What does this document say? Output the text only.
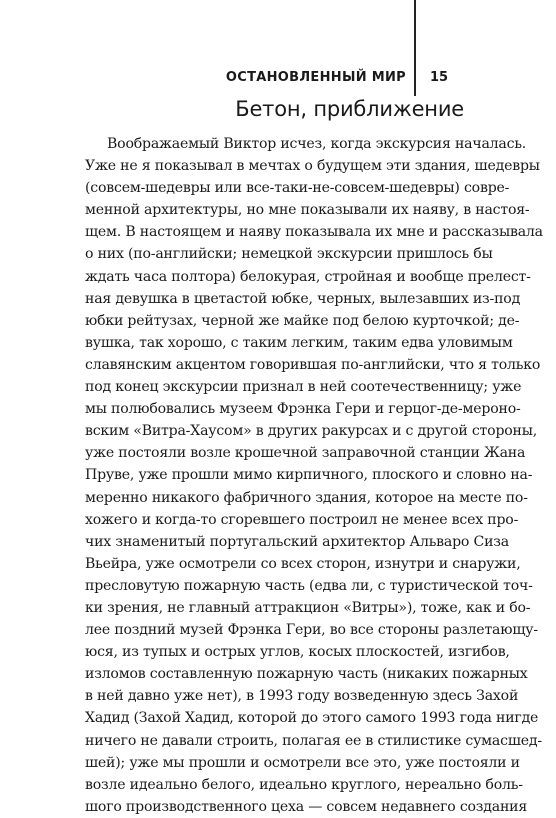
ОСТАНОВЛЕННЫЙ МИР 15
Бетон, приближение
Воображаемый Виктор исчез, когда экскурсия началась.
Уже не я показывал в мечтах о будущем эти здания, шедевры
(совсем-шедевры или все-таки-не-совсем-шедевры) совре-
менной архитектуры, но мне показывали их наяву, в настоя-
щем. В настоящем и наяву показывала их мне и рассказывала
о них (по-английски; немецкой экскурсии пришлось бы
ждать часа полтора) белокурая, стройная и вообще прелест-
ная девушка в цветастой юбке, черных, вылезавших из-под
юбки рейтузах, черной же майке под белою курточкой; де-
вушка, так хорошо, с таким легким, таким едва уловимым
славянским акцентом говорившая по-английски, что я только
под конец экскурсии признал в ней соотечественницу; уже
мы полюбовались музеем Фрэнка Гери и герцог-де-мероно-
вским «Витра-Хаусом» в других ракурсах и с другой стороны,
уже постояли возле крошечной заправочной станции Жана
Пруве, уже прошли мимо кирпичного, плоского и словно на-
меренно никакого фабричного здания, которое на месте по-
хожего и когда-то сгоревшего построил не менее всех про-
чих знаменитый португальский архитектор Альваро Сиза
Вьейра, уже осмотрели со всех сторон, изнутри и снаружи,
пресловутую пожарную часть (едва ли, с туристической точ-
ки зрения, не главный аттракцион «Витры»), тоже, как и бо-
лее поздний музей Фрэнка Гери, во все стороны разлетающу-
юся, из тупых и острых углов, косых плоскостей, изгибов,
изломов составленную пожарную часть (никаких пожарных
в ней давно уже нет), в 1993 году возведенную здесь Захой
Хадид (Захой Хадид, которой до этого самого 1993 года нигде
ничего не давали строить, полагая ее в стилистике сумасшед-
шей); уже мы прошли и осмотрели все это, уже постояли и
возле идеально белого, идеально круглого, нереально боль-
шого производственного цеха — совсем недавнего создания
